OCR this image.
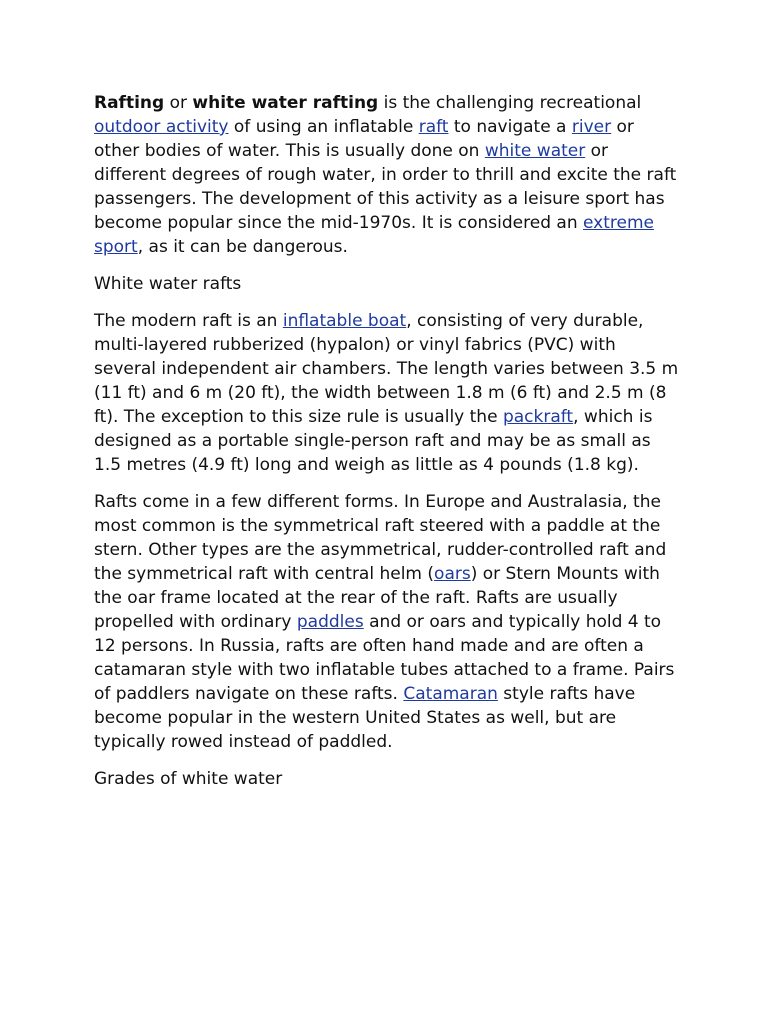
Rafting or white water rafting is the challenging recreational outdoor activity of using an inflatable raft to navigate a river or other bodies of water. This is usually done on white water or different degrees of rough water, in order to thrill and excite the raft passengers. The development of this activity as a leisure sport has become popular since the mid-1970s. It is considered an extreme sport, as it can be dangerous.

White water rafts

The modern raft is an inflatable boat, consisting of very durable, multi-layered rubberized (hypalon) or vinyl fabrics (PVC) with several independent air chambers. The length varies between 3.5 m (11 ft) and 6 m (20 ft), the width between 1.8 m (6 ft) and 2.5 m (8 ft). The exception to this size rule is usually the packraft, which is designed as a portable single-person raft and may be as small as 1.5 metres (4.9 ft) long and weigh as little as 4 pounds (1.8 kg).

Rafts come in a few different forms. In Europe and Australasia, the most common is the symmetrical raft steered with a paddle at the stern. Other types are the asymmetrical, rudder-controlled raft and the symmetrical raft with central helm (oars) or Stern Mounts with the oar frame located at the rear of the raft. Rafts are usually propelled with ordinary paddles and or oars and typically hold 4 to 12 persons. In Russia, rafts are often hand made and are often a catamaran style with two inflatable tubes attached to a frame. Pairs of paddlers navigate on these rafts. Catamaran style rafts have become popular in the western United States as well, but are typically rowed instead of paddled.

Grades of white water
